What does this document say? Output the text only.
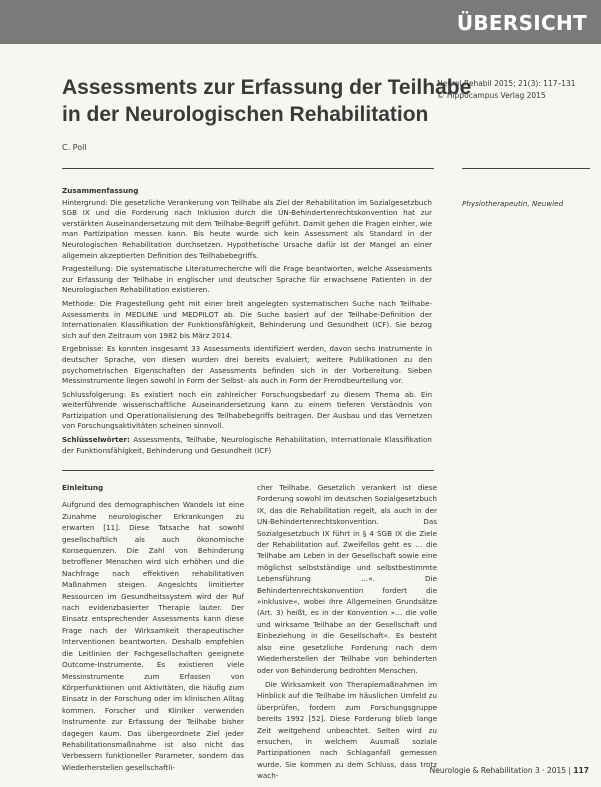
ÜBERSICHT
Assessments zur Erfassung der Teilhabe
in der Neurologischen Rehabilitation
Neurol Rehabil 2015; 21(3): 117–131
© Hippocampus Verlag 2015
C. Poll
Zusammenfassung

Hintergrund: Die gesetzliche Verankerung von Teilhabe als Ziel der Rehabilitation im Sozialgesetzbuch SGB IX und die Forderung nach Inklusion durch die UN-Behindertenrechtskonvention hat zur verstärkten Auseinandersetzung mit dem Teilhabe-Begriff geführt. Damit gehen die Fragen einher, wie man Partizipation messen kann. Bis heute wurde sich kein Assessment als Standard in der Neurologischen Rehabilitation durchsetzen. Hypothetische Ursache dafür ist der Mangel an einer allgemein akzeptierten Definition des Teilhabebegriffs.

Fragestellung: Die systematische Literaturrecherche will die Frage beantworten, welche Assessments zur Erfassung der Teilhabe in englischer und deutscher Sprache für erwachsene Patienten in der Neurologischen Rehabilitation existieren.

Methode: Die Fragestellung geht mit einer breit angelegten systematischen Suche nach Teilhabe-Assessments in MEDLINE und MEDPILOT ab. Die Suche basiert auf der Teilhabe-Definition der Internationalen Klassifikation der Funktionsfähigkeit, Behinderung und Gesundheit (ICF). Sie bezog sich auf den Zeitraum von 1982 bis März 2014.

Ergebnisse: Es konnten insgesamt 33 Assessments identifiziert werden, davon sechs Instrumente in deutscher Sprache, von diesen wurden drei bereits evaluiert, weitere Publikationen zu den psychometrischen Eigenschaften der Assessments befinden sich in der Vorbereitung. Sieben Messinstrumente liegen sowohl in Form der Selbst- als auch in Form der Fremdbeurteilung vor.

Schlussfolgerung: Es existiert noch ein zahlreicher Forschungsbedarf zu diesem Thema ab. Ein weiterführende wissenschaftliche Auseinandersetzung kann zu einem tieferen Verständnis von Partizipation und Operationalisierung des Teilhabebegriffs beitragen. Der Ausbau und das Vernetzen von Forschungsaktivitäten scheinen sinnvoll.

Schlüsselwörter: Assessments, Teilhabe, Neurologische Rehabilitation, Internationale Klassifikation der Funktionsfähigkeit, Behinderung und Gesundheit (ICF)

Physiotherapeutin, Neuwied
Einleitung

Aufgrund des demographischen Wandels ist eine Zunahme neurologischer Erkrankungen zu erwarten [11]. Diese Tatsache hat sowohl gesellschaftlich als auch ökonomische Konsequenzen. Die Zahl von Behinderung betroffener Menschen wird sich erhöhen und die Nachfrage nach effektiven rehabilitativen Maßnahmen steigen. Angesichts limitierter Ressourcen im Gesundheitssystem wird der Ruf nach evidenzbasierter Therapie lauter. Der Einsatz entsprechender Assessments kann diese Frage nach der Wirksamkeit therapeutischer Interventionen beantworten. Deshalb empfehlen die Leitlinien der Fachgesellschaften geeignete Outcome-Instrumente. Es existieren viele Messinstrumente zum Erfassen von Körperfunktionen und Aktivitäten, die häufig zum Einsatz in der Forschung oder im klinischen Alltag kommen. Forscher und Kliniker verwenden Instrumente zur Erfassung der Teilhabe bisher dagegen kaum. Das übergeordnete Ziel jeder Rehabilitationsmaßnahme ist also nicht das Verbessern funktioneller Parameter, sondern das Wiederherstellen gesellschaftli-

cher Teilhabe. Gesetzlich verankert ist diese Forderung sowohl im deutschen Sozialgesetzbuch IX, das die Rehabilitation regelt, als auch in der UN-Behindertenrechtskonvention. Das Sozialgesetzbuch IX führt in § 4 SGB IX die Ziele der Rehabilitation auf. Zweifellos geht es … die Teilhabe am Leben in der Gesellschaft sowie eine möglichst selbstständige und selbstbestimmte Lebensführung …«. Die Behindertenrechtskonvention fordert die »inklusive«, wobei ihre Allgemeinen Grundsätze (Art. 3) heißt, es in der Konvention »… die volle und wirksame Teilhabe an der Gesellschaft und Einbeziehung in die Gesellschaft«. Es besteht also eine gesetzliche Forderung nach dem Wiederherstellen der Teilhabe von behinderten oder von Behinderung bedrohten Menschen.

Die Wirksamkeit von Therapiemaßnahmen im Hinblick auf die Teilhabe im häuslichen Umfeld zu überprüfen, fordern zum Forschungsgruppe bereits 1992 [52]. Diese Forderung blieb lange Zeit weitgehend unbeachtet. Selten wird zu ersuchen, in welchem Ausmaß soziale Partizipationen nach Schlaganfall gemessen wurde. Sie kommen zu dem Schluss, dass trotz wach-

Neurologie & Rehabilitation 3 · 2015 | 117
